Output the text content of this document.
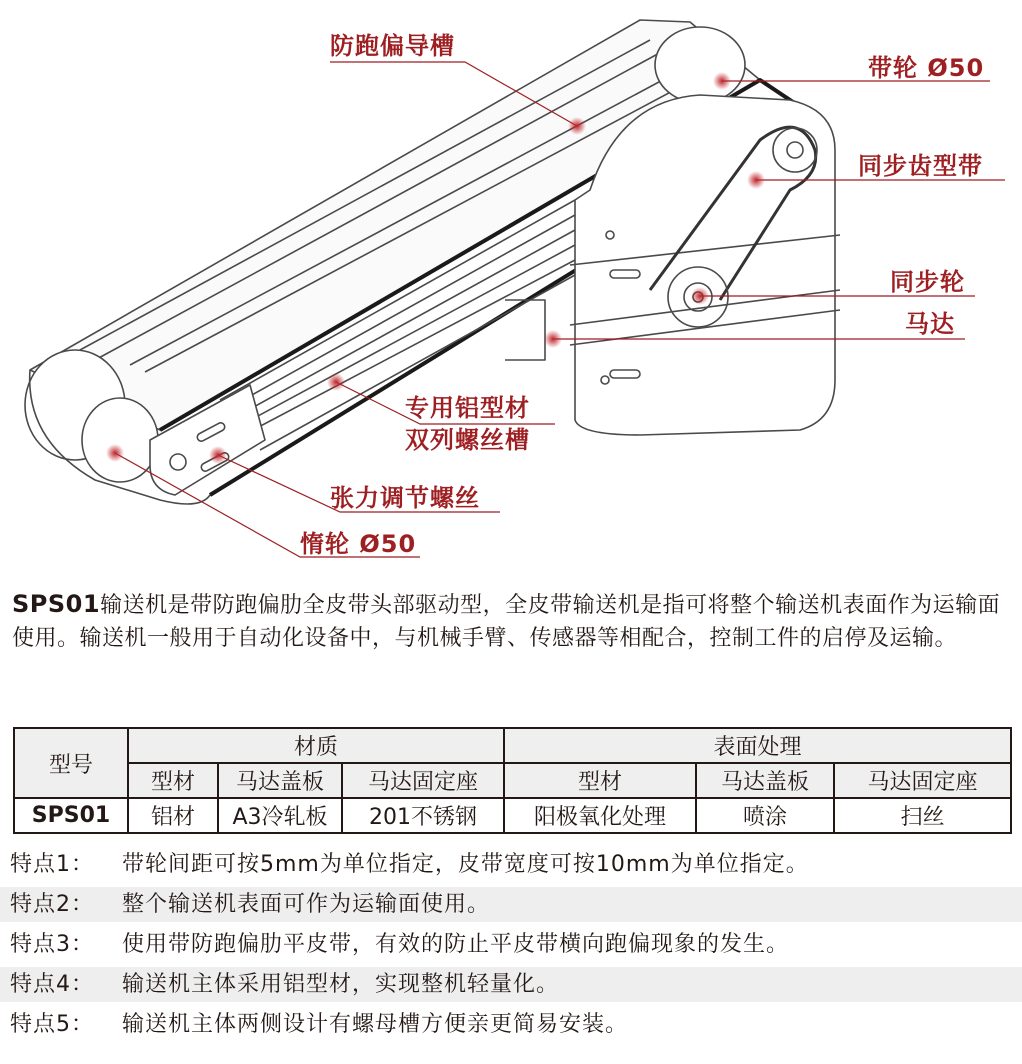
防跑偏导槽
带轮 Ø50
同步齿型带
同步轮
马达
专用铝型材
双列螺丝槽
张力调节螺丝
惰轮 Ø50
SPS01输送机是带防跑偏肋全皮带头部驱动型，全皮带输送机是指可将整个输送机表面作为运输面使用。输送机一般用于自动化设备中，与机械手臂、传感器等相配合，控制工件的启停及运输。
型号	材质			表面处理		
	型材	马达盖板	马达固定座	型材	马达盖板	马达固定座
SPS01	铝材	A3冷轧板	201不锈钢	阳极氧化处理	喷涂	扫丝
特点1： 带轮间距可按5mm为单位指定，皮带宽度可按10mm为单位指定。
特点2： 整个输送机表面可作为运输面使用。
特点3： 使用带防跑偏肋平皮带，有效的防止平皮带横向跑偏现象的发生。
特点4： 输送机主体采用铝型材，实现整机轻量化。
特点5： 输送机主体两侧设计有螺母槽方便亲更简易安装。
